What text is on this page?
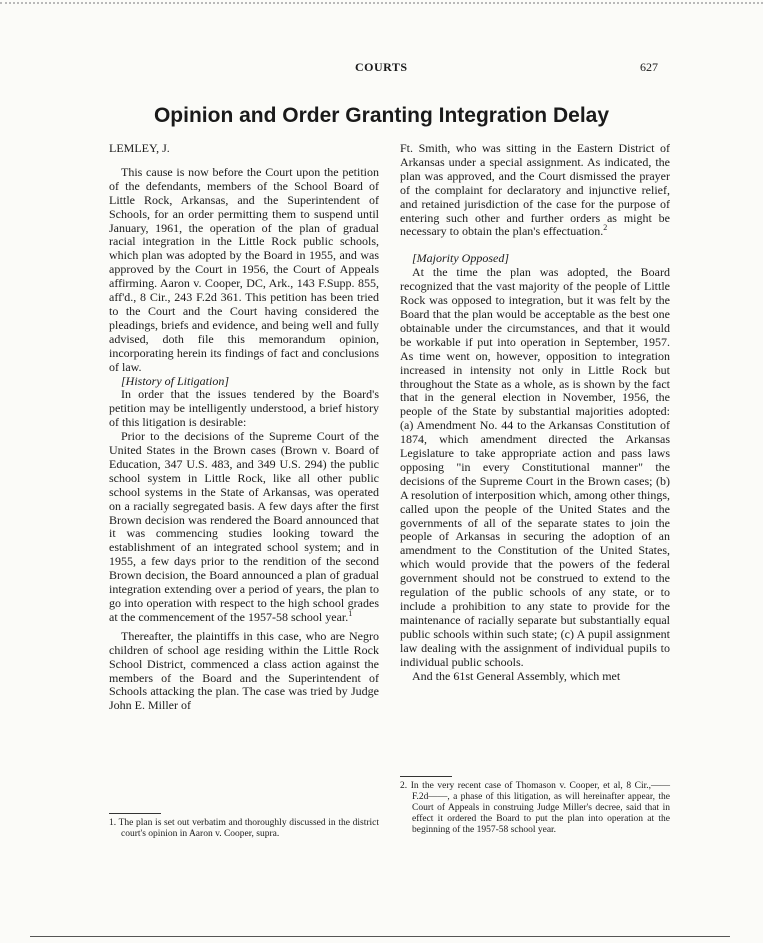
COURTS	627
Opinion and Order Granting Integration Delay

LEMLEY, J.

This cause is now before the Court upon the petition of the defendants, members of the School Board of Little Rock, Arkansas, and the Superintendent of Schools, for an order permitting them to suspend until January, 1961, the operation of the plan of gradual racial integration in the Little Rock public schools, which plan was adopted by the Board in 1955, and was approved by the Court in 1956, the Court of Appeals affirming. Aaron v. Cooper, DC, Ark., 143 F.Supp. 855, aff'd., 8 Cir., 243 F.2d 361. This petition has been tried to the Court and the Court having considered the pleadings, briefs and evidence, and being well and fully advised, doth file this memorandum opinion, incorporating herein its findings of fact and conclusions of law.

[History of Litigation]

In order that the issues tendered by the Board's petition may be intelligently understood, a brief history of this litigation is desirable:

Prior to the decisions of the Supreme Court of the United States in the Brown cases (Brown v. Board of Education, 347 U.S. 483, and 349 U.S. 294) the public school system in Little Rock, like all other public school systems in the State of Arkansas, was operated on a racially segregated basis. A few days after the first Brown decision was rendered the Board announced that it was commencing studies looking toward the establishment of an integrated school system; and in 1955, a few days prior to the rendition of the second Brown decision, the Board announced a plan of gradual integration extending over a period of years, the plan to go into operation with respect to the high school grades at the commencement of the 1957-58 school year.$^1$

Thereafter, the plaintiffs in this case, who are Negro children of school age residing within the Little Rock School District, commenced a class action against the members of the Board and the Superintendent of Schools attacking the plan. The case was tried by Judge John E. Miller of

1. The plan is set out verbatim and thoroughly discussed in the district court's opinion in Aaron v. Cooper, supra.

Ft. Smith, who was sitting in the Eastern District of Arkansas under a special assignment. As indicated, the plan was approved, and the Court dismissed the prayer of the complaint for declaratory and injunctive relief, and retained jurisdiction of the case for the purpose of entering such other and further orders as might be necessary to obtain the plan's effectuation.$^2$

[Majority Opposed]

At the time the plan was adopted, the Board recognized that the vast majority of the people of Little Rock was opposed to integration, but it was felt by the Board that the plan would be acceptable as the best one obtainable under the circumstances, and that it would be workable if put into operation in September, 1957. As time went on, however, opposition to integration increased in intensity not only in Little Rock but throughout the State as a whole, as is shown by the fact that in the general election in November, 1956, the people of the State by substantial majorities adopted: (a) Amendment No. 44 to the Arkansas Constitution of 1874, which amendment directed the Arkansas Legislature to take appropriate action and pass laws opposing "in every Constitutional manner" the decisions of the Supreme Court in the Brown cases; (b) A resolution of interposition which, among other things, called upon the people of the United States and the governments of all of the separate states to join the people of Arkansas in securing the adoption of an amendment to the Constitution of the United States, which would provide that the powers of the federal government should not be construed to extend to the regulation of the public schools of any state, or to include a prohibition to any state to provide for the maintenance of racially separate but substantially equal public schools within such state; (c) A pupil assignment law dealing with the assignment of individual pupils to individual public schools.

And the 61st General Assembly, which met

2. In the very recent case of Thomason v. Cooper, et al, 8 Cir.,——F.2d——, a phase of this litigation, as will hereinafter appear, the Court of Appeals in construing Judge Miller's decree, said that in effect it ordered the Board to put the plan into operation at the beginning of the 1957-58 school year.
